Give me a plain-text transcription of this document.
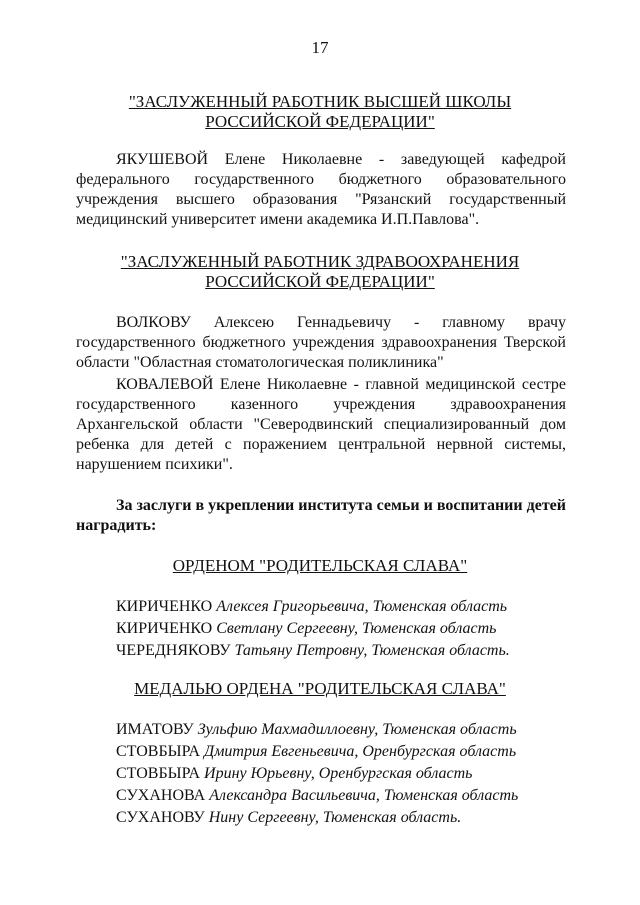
17
"ЗАСЛУЖЕННЫЙ РАБОТНИК ВЫСШЕЙ ШКОЛЫ
РОССИЙСКОЙ ФЕДЕРАЦИИ"
ЯКУШЕВОЙ Елене Николаевне - заведующей кафедрой федерального государственного бюджетного образовательного учреждения высшего образования "Рязанский государственный медицинский университет имени академика И.П.Павлова".
"ЗАСЛУЖЕННЫЙ РАБОТНИК ЗДРАВООХРАНЕНИЯ
РОССИЙСКОЙ ФЕДЕРАЦИИ"
ВОЛКОВУ Алексею Геннадьевичу - главному врачу государственного бюджетного учреждения здравоохранения Тверской области "Областная стоматологическая поликлиника"
КОВАЛЕВОЙ Елене Николаевне - главной медицинской сестре государственного казенного учреждения здравоохранения Архангельской области "Северодвинский специализированный дом ребенка для детей с поражением центральной нервной системы, нарушением психики".
За заслуги в укреплении института семьи и воспитании детей наградить:
ОРДЕНОМ "РОДИТЕЛЬСКАЯ СЛАВА"
КИРИЧЕНКО Алексея Григорьевича, Тюменская область
КИРИЧЕНКО Светлану Сергеевну, Тюменская область
ЧЕРЕДНЯКОВУ Татьяну Петровну, Тюменская область.
МЕДАЛЬЮ ОРДЕНА "РОДИТЕЛЬСКАЯ СЛАВА"
ИМАТОВУ Зульфию Махмадиллоевну, Тюменская область
СТОВБЫРА Дмитрия Евгеньевича, Оренбургская область
СТОВБЫРА Ирину Юрьевну, Оренбургская область
СУХАНОВА Александра Васильевича, Тюменская область
СУХАНОВУ Нину Сергеевну, Тюменская область.
